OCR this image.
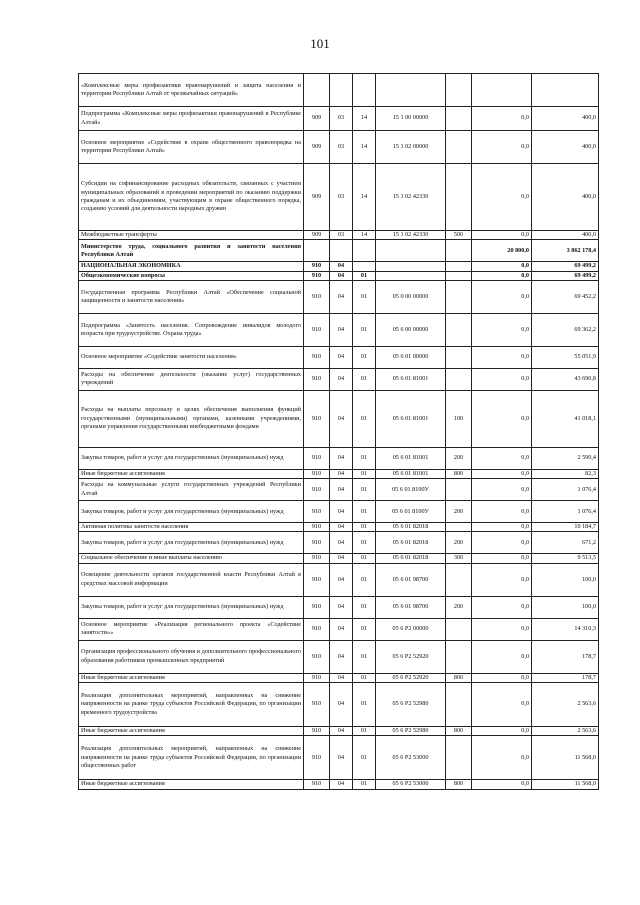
101
«Комплексные меры профилактики правонарушений и защита населения и территории Республики Алтай от чрезвычайных ситуаций»							
Подпрограмма «Комплексные меры профилактики правонарушений в Республике Алтай»	909	03	14	15 1 00 00000		0,0	400,0
Основное мероприятие «Содействие в охране общественного правопорядка на территории Республики Алтай»	909	03	14	15 1 02 00000		0,0	400,0
Субсидии на софинансирование расходных обязательств, связанных с участием муниципальных образований в проведении мероприятий по оказанию поддержки гражданам и их объединениям, участвующим в охране общественного порядка, созданию условий для деятельности народных дружин	909	03	14	15 1 02 42330		0,0	400,0
Межбюджетные трансферты	909	03	14	15 1 02 42330	500	0,0	400,0
Министерство труда, социального развития и занятости населения Республики Алтай						20 800,0	3 862 178,4
НАЦИОНАЛЬНАЯ ЭКОНОМИКА	910	04				0,0	69 499,2
Общеэкономические вопросы	910	04	01			0,0	69 499,2
Государственная программа Республики Алтай «Обеспечение социальной защищенности и занятости населения»	910	04	01	05 0 00 00000		0,0	69 452,2
Подпрограмма «Занятость населения. Сопровождение инвалидов молодого возраста при трудоустройстве. Охрана труда»	910	04	01	05 6 00 00000		0,0	69 362,2
Основное мероприятие «Содействие занятости населения»	910	04	01	05 6 01 00000		0,0	55 051,9
Расходы на обеспечение деятельности (оказание услуг) государственных учреждений	910	04	01	05 6 01 81001		0,0	43 690,8
Расходы на выплаты персоналу в целях обеспечения выполнения функций государственными (муниципальными) органами, казенными учреждениями, органами управления государственными внебюджетными фондами	910	04	01	05 6 01 81001	100	0,0	41 018,1
Закупка товаров, работ и услуг для государственных (муниципальных) нужд	910	04	01	05 6 01 81001	200	0,0	2 590,4
Иные бюджетные ассигнования	910	04	01	05 6 01 81001	800	0,0	82,3
Расходы на коммунальные услуги государственных учреждений Республики Алтай	910	04	01	05 6 01 8100У		0,0	1 076,4
Закупка товаров, работ и услуг для государственных (муниципальных) нужд	910	04	01	05 6 01 8100У	200	0,0	1 076,4
Активная политика занятости населения	910	04	01	05 6 01 82018		0,0	10 184,7
Закупка товаров, работ и услуг для государственных (муниципальных) нужд	910	04	01	05 6 01 82018	200	0,0	671,2
Социальное обеспечение и иные выплаты населению	910	04	01	05 6 01 82018	300	0,0	9 513,5
Освещение деятельности органов государственной власти Республики Алтай в средствах массовой информации	910	04	01	05 6 01 98700		0,0	100,0
Закупка товаров, работ и услуг для государственных (муниципальных) нужд	910	04	01	05 6 01 98700	200	0,0	100,0
Основное мероприятие «Реализация регионального проекта «Содействие занятости»»	910	04	01	05 6 P2 00000		0,0	14 310,3
Организация профессионального обучения и дополнительного профессионального образования работников промышленных предприятий	910	04	01	05 6 P2 52920		0,0	178,7
Иные бюджетные ассигнования	910	04	01	05 6 P2 52920	800	0,0	178,7
Реализация дополнительных мероприятий, направленных на снижение напряженности на рынке труда субъектов Российской Федерации, по организации временного трудоустройства	910	04	01	05 6 P2 52980		0,0	2 563,6
Иные бюджетные ассигнования	910	04	01	05 6 P2 52980	800	0,0	2 563,6
Реализация дополнительных мероприятий, направленных на снижение напряженности на рынке труда субъектов Российской Федерации, по организации общественных работ	910	04	01	05 6 P2 53000		0,0	11 568,0
Иные бюджетные ассигнования	910	04	01	05 6 P2 53000	800	0,0	11 568,0
